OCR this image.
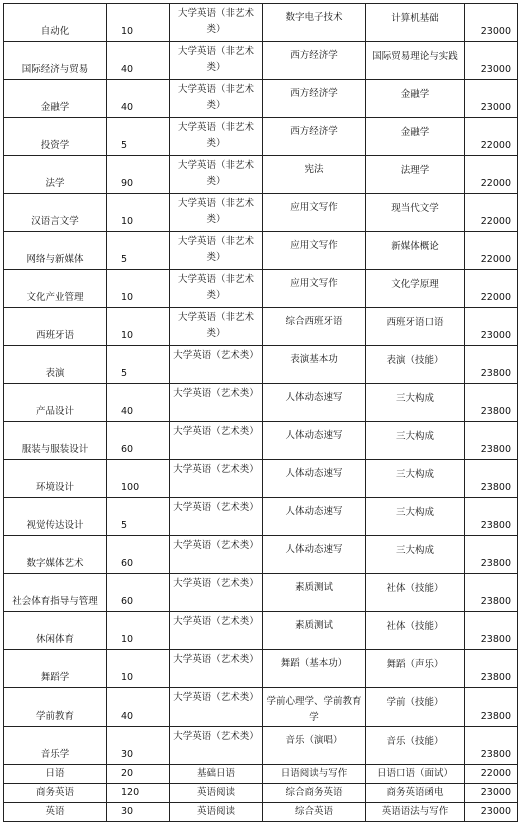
自动化	10	大学英语（非艺术类）	数字电子技术	计算机基础	23000
国际经济与贸易	40	大学英语（非艺术类）	西方经济学	国际贸易理论与实践	23000
金融学	40	大学英语（非艺术类）	西方经济学	金融学	23000
投资学	5	大学英语（非艺术类）	西方经济学	金融学	22000
法学	90	大学英语（非艺术类）	宪法	法理学	22000
汉语言文学	10	大学英语（非艺术类）	应用文写作	现当代文学	22000
网络与新媒体	5	大学英语（非艺术类）	应用文写作	新媒体概论	22000
文化产业管理	10	大学英语（非艺术类）	应用文写作	文化学原理	22000
西班牙语	10	大学英语（非艺术类）	综合西班牙语	西班牙语口语	23000
表演	5	大学英语（艺术类）	表演基本功	表演（技能）	23800
产品设计	40	大学英语（艺术类）	人体动态速写	三大构成	23800
服装与服装设计	60	大学英语（艺术类）	人体动态速写	三大构成	23800
环境设计	100	大学英语（艺术类）	人体动态速写	三大构成	23800
视觉传达设计	5	大学英语（艺术类）	人体动态速写	三大构成	23800
数字媒体艺术	60	大学英语（艺术类）	人体动态速写	三大构成	23800
社会体育指导与管理	60	大学英语（艺术类）	素质测试	社体（技能）	23800
休闲体育	10	大学英语（艺术类）	素质测试	社体（技能）	23800
舞蹈学	10	大学英语（艺术类）	舞蹈（基本功）	舞蹈（声乐）	23800
学前教育	40	大学英语（艺术类）	学前心理学、学前教育学	学前（技能）	23800
音乐学	30	大学英语（艺术类）	音乐（演唱）	音乐（技能）	23800
日语	20	基础日语	日语阅读与写作	日语口语（面试）	22000
商务英语	120	英语阅读	综合商务英语	商务英语函电	23000
英语	30	英语阅读	综合英语	英语语法与写作	23000
